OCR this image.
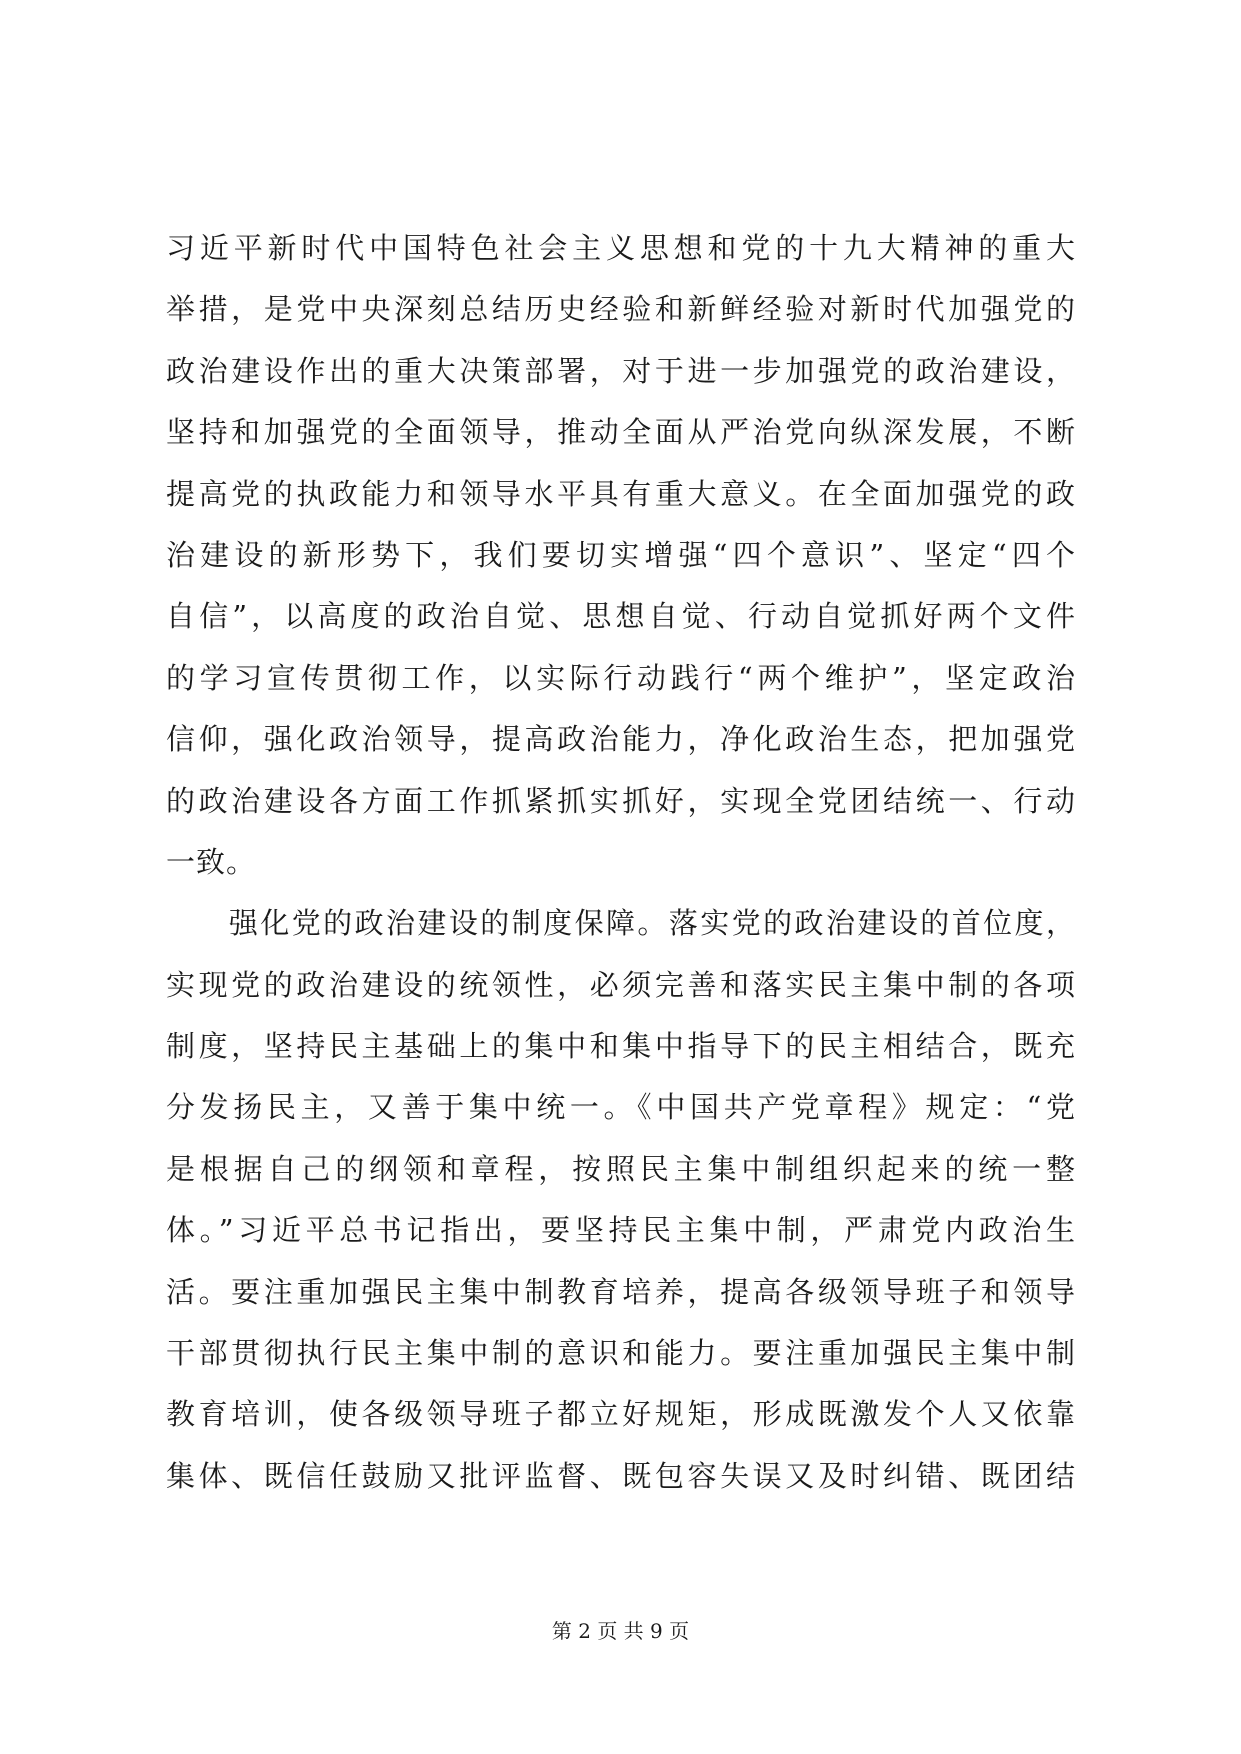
习近平新时代中国特色社会主义思想和党的十九大精神的重大
举措，是党中央深刻总结历史经验和新鲜经验对新时代加强党的
政治建设作出的重大决策部署，对于进一步加强党的政治建设，
坚持和加强党的全面领导，推动全面从严治党向纵深发展，不断
提高党的执政能力和领导水平具有重大意义。在全面加强党的政
治建设的新形势下，我们要切实增强“四个意识”、坚定“四个
自信”，以高度的政治自觉、思想自觉、行动自觉抓好两个文件
的学习宣传贯彻工作，以实际行动践行“两个维护”，坚定政治
信仰，强化政治领导，提高政治能力，净化政治生态，把加强党
的政治建设各方面工作抓紧抓实抓好，实现全党团结统一、行动
一致。
　　强化党的政治建设的制度保障。落实党的政治建设的首位度，
实现党的政治建设的统领性，必须完善和落实民主集中制的各项
制度，坚持民主基础上的集中和集中指导下的民主相结合，既充
分发扬民主，又善于集中统一。《中国共产党章程》规定：“党
是根据自己的纲领和章程，按照民主集中制组织起来的统一整
体。”习近平总书记指出，要坚持民主集中制，严肃党内政治生
活。要注重加强民主集中制教育培养，提高各级领导班子和领导
干部贯彻执行民主集中制的意识和能力。要注重加强民主集中制
教育培训，使各级领导班子都立好规矩，形成既激发个人又依靠
集体、既信任鼓励又批评监督、既包容失误又及时纠错、既团结
第 2 页 共 9 页
